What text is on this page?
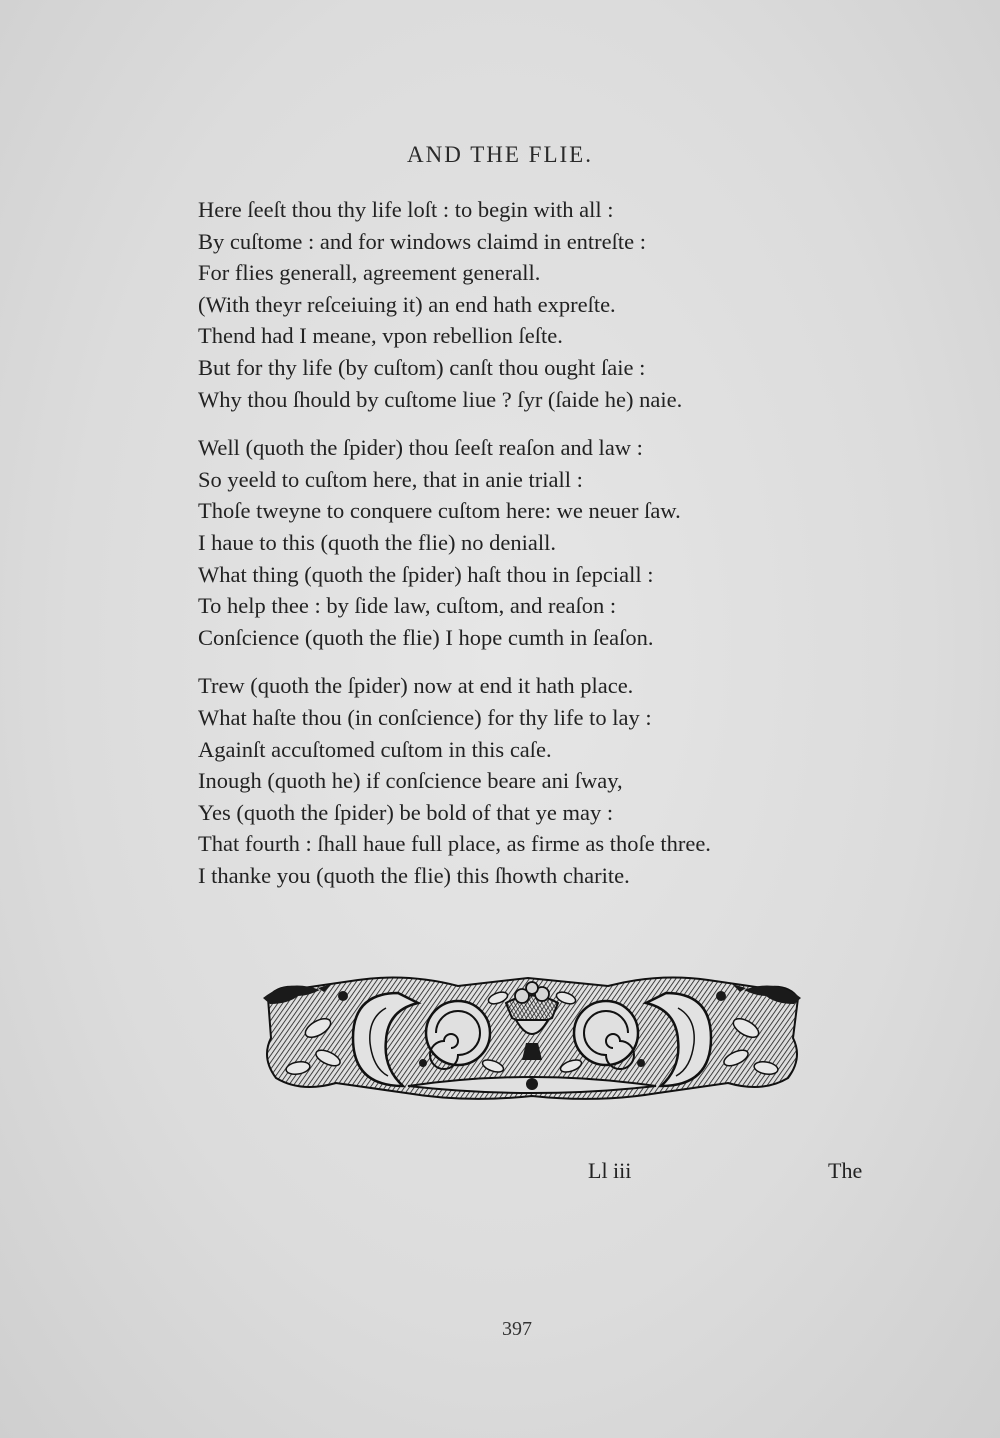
AND THE FLIE.
Here ſeeſt thou thy life loſt : to begin with all :
By cuſtome : and for windows claimd in entreſte :
For flies generall, agreement generall.
(With theyr reſceiuing it) an end hath expreſte.
Thend had I meane, vpon rebellion ſeſte.
But for thy life (by cuſtom) canſt thou ought ſaie :
Why thou ſhould by cuſtome liue ? ſyr (ſaide he) naie.
Well (quoth the ſpider) thou ſeeſt reaſon and law :
So yeeld to cuſtom here, that in anie triall :
Thoſe tweyne to conquere cuſtom here: we neuer ſaw.
I haue to this (quoth the flie) no deniall.
What thing (quoth the ſpider) haſt thou in ſepciall :
To help thee : by ſide law, cuſtom, and reaſon :
Conſcience (quoth the flie) I hope cumth in ſeaſon.
Trew (quoth the ſpider) now at end it hath place.
What haſte thou (in conſcience) for thy life to lay :
Againſt accuſtomed cuſtom in this caſe.
Inough (quoth he) if conſcience beare ani ſway,
Yes (quoth the ſpider) be bold of that ye may :
That fourth : ſhall haue full place, as firme as thoſe three.
I thanke you (quoth the flie) this ſhowth charite.
Ll iii	The
397
